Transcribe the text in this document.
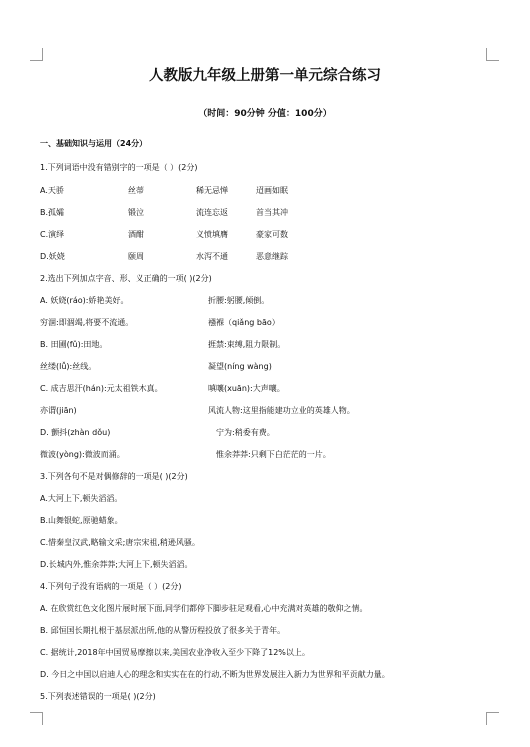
人教版九年级上册第一单元综合练习
（时间：90分钟 分值：100分）
一、基础知识与运用（24分）
1.下列词语中没有错别字的一项是（ ）(2分)
A.天骄	丝蒂	稀无忌惮	迢画如眠
B.孤孀	锻泣	流连忘返	首当其冲
C.演绎	酒酣	义愤填膺	豪家可数
D.妖娆	颐周	水泻不通	恶意继踪
2.选出下列加点字音、形、义正确的一项( )(2分)
A. 妖娆(ráo):娇艳美好。	折腰:躬腰,倾倒。
穷涸:即涸竭,将要不流通。	襁褓（qiǎng bāo）
B. 田圃(fǔ):田地。	捱禁:束缚,阻力限制。
丝缕(lǚ):丝线。	凝望(níng wàng)
C. 成吉思汗(hán):元太祖铁木真。	嗔嚷(xuān):大声嚷。
亦谓(jiān)	风流人物:这里指能建功立业的英雄人物。
D. 颤抖(zhàn dǒu)	宁为:稍委有费。
微波(yòng):微波而涌。	惟余莽莽:只剩下白茫茫的一片。
3.下列各句不是对偶修辞的一项是( )(2分)
A.大河上下,顿失滔滔。
B.山舞银蛇,原驰蜡象。
C.惜秦皇汉武,略输文采;唐宗宋祖,稍逊风骚。
D.长城内外,惟余莽莽;大河上下,顿失滔滔。
4.下列句子没有语病的一项是（ ）(2分)
A. 在欣赏红色文化图片展时展下面,同学们都停下脚步驻足观看,心中充满对英雄的敬仰之情。
B. 邱恒国长期扎根于基层派出所,他的从警历程投放了很多关于青年。
C. 据统计,2018年中国贸易摩擦以来,美国农业净收入至少下降了12%以上。
D. 今日之中国以启迪人心的理念和实实在在的行动,不断为世界发展注入新力为世界和平贡献力量。
5.下列表述错误的一项是( )(2分)
